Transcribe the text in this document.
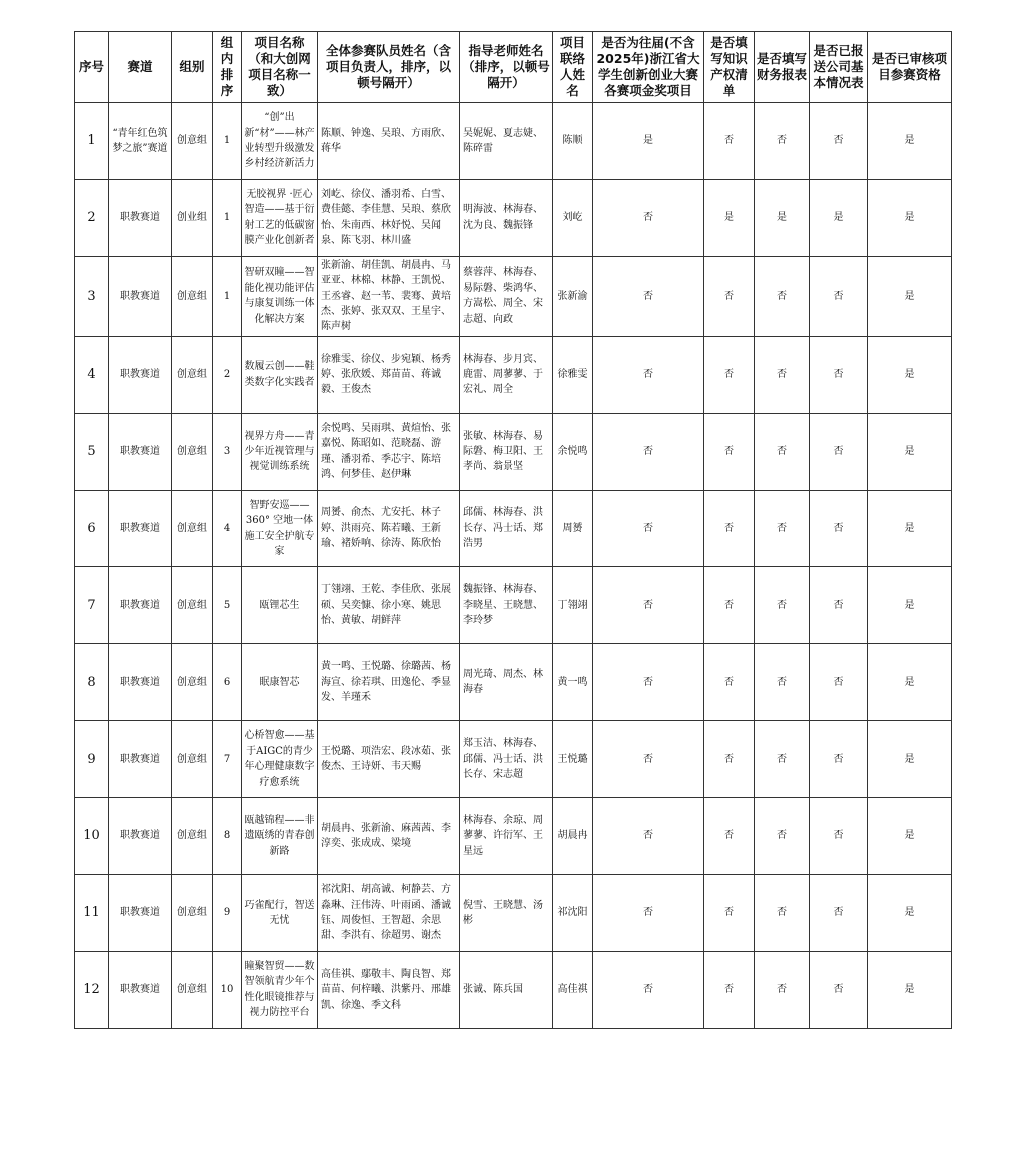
序号	赛道	组别	组内排序	项目名称（和大创网项目名称一致）	全体参赛队员姓名（含项目负责人，排序，以顿号隔开）	指导老师姓名（排序，以顿号隔开）	项目联络人姓名	是否为往届(不含2025年)浙江省大学生创新创业大赛各赛项金奖项目	是否填写知识产权清单	是否填写财务报表	是否已报送公司基本情况表	是否已审核项目参赛资格
1	“青年红色筑梦之旅”赛道	创意组	1	“创”出新“材”——林产业转型升级激发乡村经济新活力	陈顺、钟逸、吴琅、方雨欣、蒋华	吴妮妮、夏志婕、陈碎雷	陈顺	是	否	否	否	是
2	职教赛道	创业组	1	无胶视界 ·匠心智造——基于衍射工艺的低碳窗膜产业化创新者	刘屹、徐仪、潘羽希、白雪、费佳懿、李佳慧、吴琅、蔡欣怡、朱南西、林妤悦、吴闻泉、陈飞羽、林川盛	明海波、林海春、沈为良、魏振锋	刘屹	否	是	是	是	是
3	职教赛道	创意组	1	智研双瞳——智能化视功能评估与康复训练一体化解决方案	张新渝、胡佳凯、胡晨冉、马亚亚、林棉、林静、王凯悦、王丞睿、赵一苇、裴骞、黄培杰、张婷、张双双、王星宇、陈声树	蔡蓉萍、林海春、易际磐、柴鸿华、方嵩松、周全、宋志超、向政	张新渝	否	否	否	否	是
4	职教赛道	创意组	2	数履云创——鞋类数字化实践者	徐雅雯、徐仪、步宛颖、杨秀婷、张欣媛、郑苗苗、蒋诚毅、王俊杰	林海春、步月宾、鹿雷、周蓼蓼、于宏礼、周全	徐雅雯	否	否	否	否	是
5	职教赛道	创意组	3	视界方舟——青少年近视管理与视觉训练系统	余悦鸣、吴雨琪、黄煊怡、张嘉悦、陈昭如、范晓磊、游瑾、潘羽希、季芯宇、陈培鸿、何梦佳、赵伊琳	张敏、林海春、易际磐、梅卫阳、王孝尚、翁景坚	余悦鸣	否	否	否	否	是
6	职教赛道	创意组	4	智野安巡——360° 空地一体施工安全护航专家	周赟、俞杰、尤安托、林子婷、洪雨亮、陈若曦、王新瑜、褚娇响、徐涛、陈欣怡	邱儒、林海春、洪长存、冯士话、郑浩男	周赟	否	否	否	否	是
7	职教赛道	创意组	5	瓯锂芯生	丁翎翊、王乾、李佳欣、张展硕、吴奕慷、徐小寒、姚思怡、黄敏、胡鲜萍	魏振锋、林海春、李晓星、王晓慧、李玲梦	丁翎翊	否	否	否	否	是
8	职教赛道	创意组	6	眠康智芯	黄一鸣、王悦璐、徐璐茜、杨海宣、徐若琪、田逸伦、季显发、羊瑾禾	周光琦、周杰、林海春	黄一鸣	否	否	否	否	是
9	职教赛道	创意组	7	心桥智愈——基于AIGC的青少年心理健康数字疗愈系统	王悦璐、项浩宏、段冰茹、张俊杰、王诗妍、韦天赐	郑玉洁、林海春、邱儒、冯士话、洪长存、宋志超	王悦璐	否	否	否	否	是
10	职教赛道	创意组	8	瓯越锦程——非遗瓯绣的青春创新路	胡晨冉、张新渝、麻茜茜、李淳奕、张成成、梁境	林海春、余琼、周蓼蓼、许衍军、王星远	胡晨冉	否	否	否	否	是
11	职教赛道	创意组	9	巧雀配行，智送无忧	祁沈阳、胡高诚、柯静芸、方淼琳、汪伟涛、叶雨函、潘诚钰、周俊恒、王智超、余思甜、李洪有、徐超男、谢杰	倪雪、王晓慧、汤彬	祁沈阳	否	否	否	否	是
12	职教赛道	创意组	10	瞳聚智贸——数智领航青少年个性化眼镜推荐与视力防控平台	高佳祺、鄢敬丰、陶良智、郑苗苗、何梓曦、洪紫丹、邢雄凯、徐逸、季文科	张诚、陈兵国	高佳祺	否	否	否	否	是
